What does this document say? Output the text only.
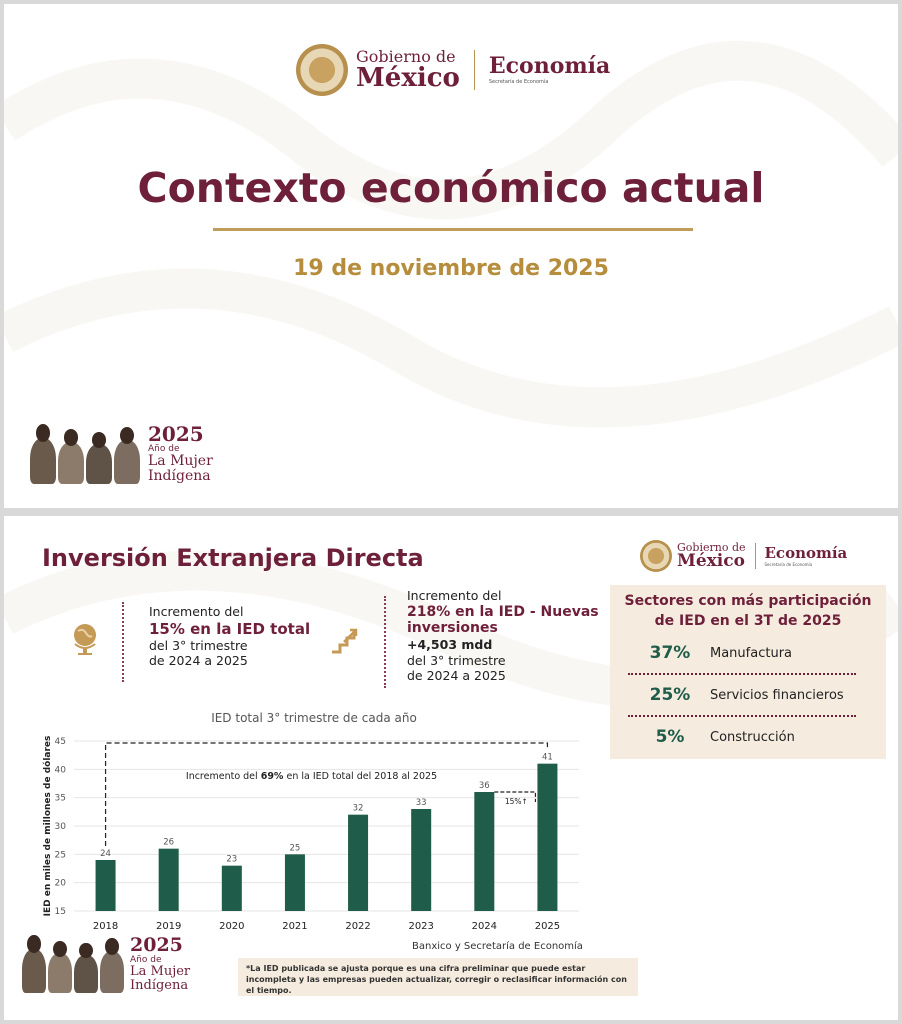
Gobierno de
México Economía
Secretaría de Economía
Contexto económico actual
19 de noviembre de 2025
2025
Año de
La Mujer
Indígena
Inversión Extranjera Directa	Gobierno de
México Economía
Secretaría de Economía
Incremento del
15% en la IED total
del 3° trimestre
de 2024 a 2025
Incremento del
218% en la IED - Nuevas
inversiones
+4,503 mdd
del 3° trimestre
de 2024 a 2025
Sectores con más participación
de IED en el 3T de 2025
37% Manufactura
25% Servicios financieros
5%	Construcción
IED total 3° trimestre de cada año
15
20
25
30
35
40
45
IED en miles de millones de dólares	24
2018
26
2019
23
2020
25
2021
32
2022
33
2023
36
2024
41
2025
Incremento del 69% en la IED total del 2018 al 2025
15%↑
Banxico y Secretaría de Economía
*La IED publicada se ajusta porque es una cifra preliminar que puede estar incompleta y las empresas pueden actualizar, corregir o reclasificar información con el tiempo.
2025
Año de
La Mujer
Indígena
